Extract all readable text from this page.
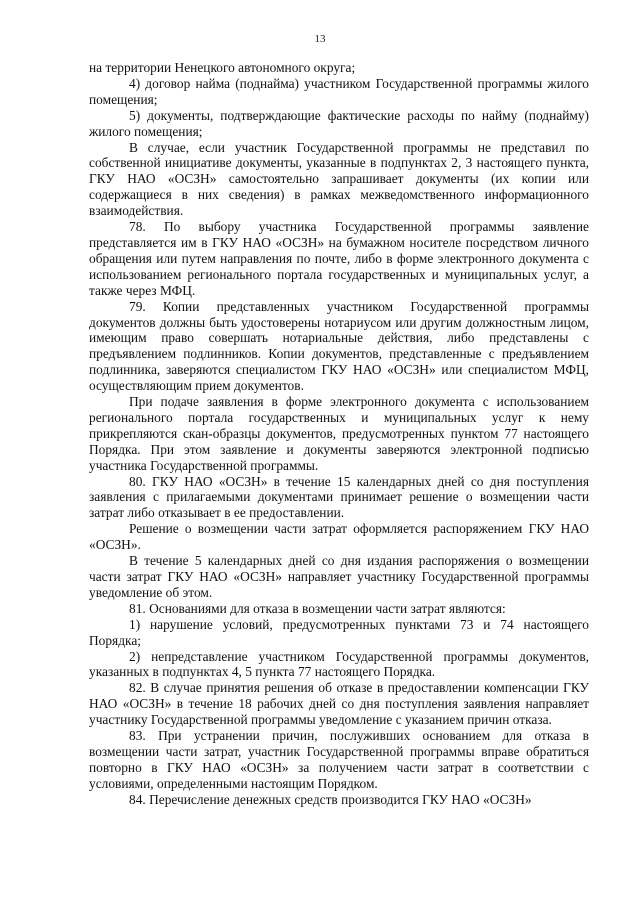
13

на территории Ненецкого автономного округа;

4) договор найма (поднайма) участником Государственной программы жилого помещения;

5) документы, подтверждающие фактические расходы по найму (поднайму) жилого помещения;

В случае, если участник Государственной программы не представил по собственной инициативе документы, указанные в подпунктах 2, 3 настоящего пункта, ГКУ НАО «ОСЗН» самостоятельно запрашивает документы (их копии или содержащиеся в них сведения) в рамках межведомственного информационного взаимодействия.

78. По выбору участника Государственной программы заявление представляется им в ГКУ НАО «ОСЗН» на бумажном носителе посредством личного обращения или путем направления по почте, либо в форме электронного документа с использованием регионального портала государственных и муниципальных услуг, а также через МФЦ.

79. Копии представленных участником Государственной программы документов должны быть удостоверены нотариусом или другим должностным лицом, имеющим право совершать нотариальные действия, либо представлены с предъявлением подлинников. Копии документов, представленные с предъявлением подлинника, заверяются специалистом ГКУ НАО «ОСЗН» или специалистом МФЦ, осуществляющим прием документов.

При подаче заявления в форме электронного документа с использованием регионального портала государственных и муниципальных услуг к нему прикрепляются скан-образцы документов, предусмотренных пунктом 77 настоящего Порядка. При этом заявление и документы заверяются электронной подписью участника Государственной программы.

80. ГКУ НАО «ОСЗН» в течение 15 календарных дней со дня поступления заявления с прилагаемыми документами принимает решение о возмещении части затрат либо отказывает в ее предоставлении.

Решение о возмещении части затрат оформляется распоряжением ГКУ НАО «ОСЗН».

В течение 5 календарных дней со дня издания распоряжения о возмещении части затрат ГКУ НАО «ОСЗН» направляет участнику Государственной программы уведомление об этом.

81. Основаниями для отказа в возмещении части затрат являются:

1) нарушение условий, предусмотренных пунктами 73 и 74 настоящего Порядка;

2) непредставление участником Государственной программы документов, указанных в подпунктах 4, 5 пункта 77 настоящего Порядка.

82. В случае принятия решения об отказе в предоставлении компенсации ГКУ НАО «ОСЗН» в течение 18 рабочих дней со дня поступления заявления направляет участнику Государственной программы уведомление с указанием причин отказа.

83. При устранении причин, послуживших основанием для отказа в возмещении части затрат, участник Государственной программы вправе обратиться повторно в ГКУ НАО «ОСЗН» за получением части затрат в соответствии с условиями, определенными настоящим Порядком.

84. Перечисление денежных средств производится ГКУ НАО «ОСЗН»
